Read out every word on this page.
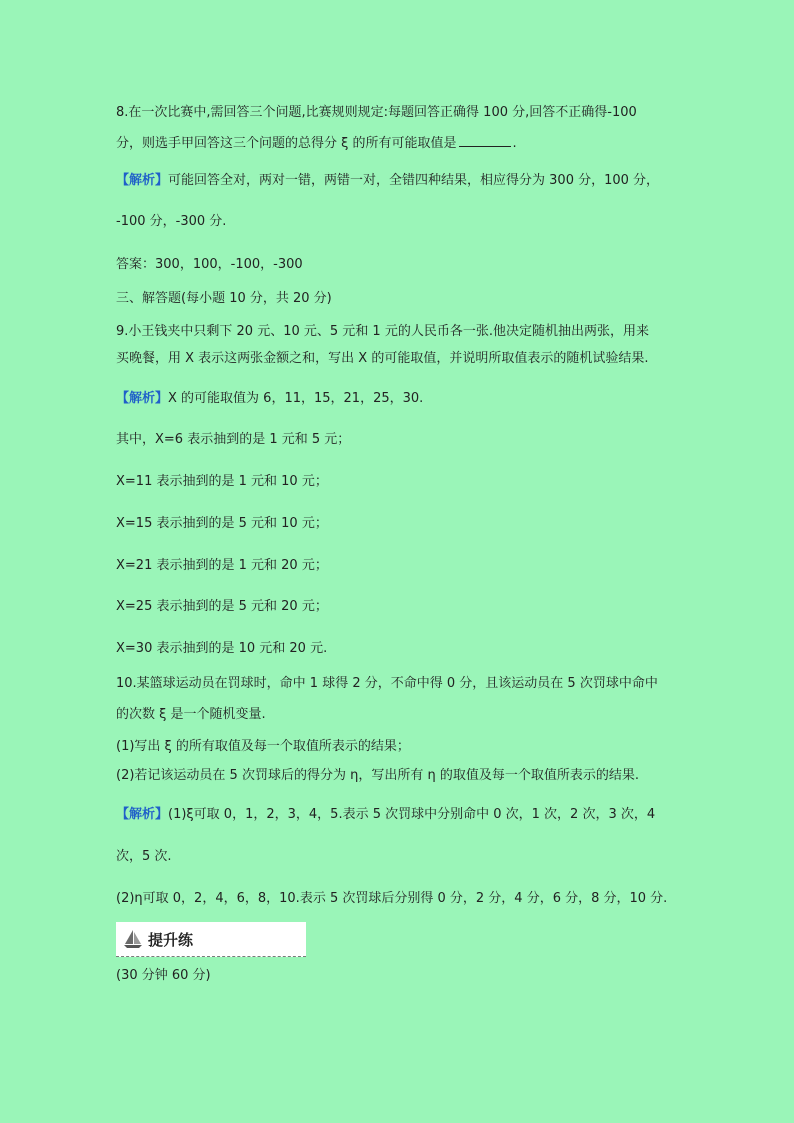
8.在一次比赛中,需回答三个问题,比赛规则规定:每题回答正确得 100 分,回答不正确得-100
分，则选手甲回答这三个问题的总得分 ξ 的所有可能取值是	.
【解析】可能回答全对，两对一错，两错一对，全错四种结果，相应得分为 300 分，100 分，
-100 分，-300 分.
答案：300，100，-100，-300
三、解答题(每小题 10 分，共 20 分)
9.小王钱夹中只剩下 20 元、10 元、5 元和 1 元的人民币各一张.他决定随机抽出两张，用来
买晚餐，用 X 表示这两张金额之和，写出 X 的可能取值，并说明所取值表示的随机试验结果.
【解析】X 的可能取值为 6，11，15，21，25，30.
其中，X=6 表示抽到的是 1 元和 5 元；
X=11 表示抽到的是 1 元和 10 元；
X=15 表示抽到的是 5 元和 10 元；
X=21 表示抽到的是 1 元和 20 元；
X=25 表示抽到的是 5 元和 20 元；
X=30 表示抽到的是 10 元和 20 元.
10.某篮球运动员在罚球时，命中 1 球得 2 分，不命中得 0 分，且该运动员在 5 次罚球中命中
的次数 ξ 是一个随机变量.
(1)写出 ξ 的所有取值及每一个取值所表示的结果；
(2)若记该运动员在 5 次罚球后的得分为 η，写出所有 η 的取值及每一个取值所表示的结果.
【解析】(1)ξ可取 0，1，2，3，4，5.表示 5 次罚球中分别命中 0 次，1 次，2 次，3 次，4
次，5 次.
(2)η可取 0，2，4，6，8，10.表示 5 次罚球后分别得 0 分，2 分，4 分，6 分，8 分，10 分.
提升练
(30 分钟 60 分)
